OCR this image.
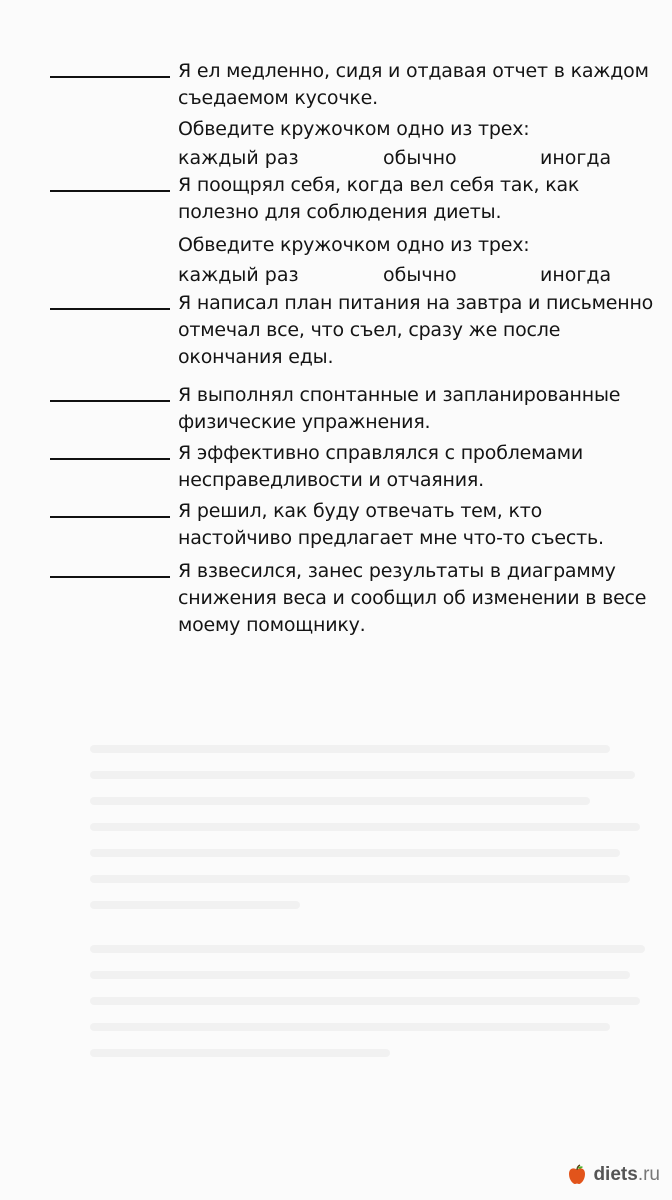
Я ел медленно, сидя и отдавая отчет в каждом съедаемом кусочке.
Обведите кружочком одно из трех:
каждый раз	обычно	иногда
Я поощрял себя, когда вел себя так, как полезно для соблюдения диеты.
Обведите кружочком одно из трех:
каждый раз	обычно	иногда
Я написал план питания на завтра и письменно отмечал все, что съел, сразу же после окончания еды.
Я выполнял спонтанные и запланированные физические упражнения.
Я эффективно справлялся с проблемами несправедливости и отчаяния.
Я решил, как буду отвечать тем, кто настойчиво предлагает мне что-то съесть.
Я взвесился, занес результаты в диаграмму снижения веса и сообщил об изменении в весе моему помощнику.
diets.ru
